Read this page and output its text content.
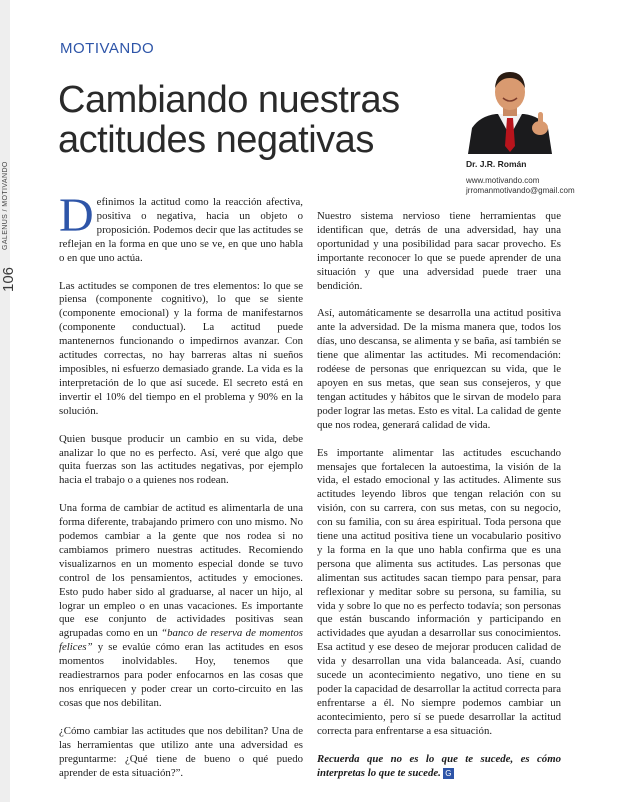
GALENUS / MOTIVANDO
106
MOTIVANDO
Cambiando nuestras actitudes negativas
Dr. J.R. Román
www.motivando.com
jrromanmotivando@gmail.com

Definimos la actitud como la reacción afectiva, positiva o negativa, hacia un objeto o proposición. Podemos decir que las actitudes se reflejan en la forma en que uno se ve, en que uno habla o en que uno actúa.

Las actitudes se componen de tres elementos: lo que se piensa (componente cognitivo), lo que se siente (componente emocional) y la forma de manifestarnos (componente conductual). La actitud puede mantenernos funcionando o impedirnos avanzar. Con actitudes correctas, no hay barreras altas ni sueños imposibles, ni esfuerzo demasiado grande. La vida es la interpretación de lo que así sucede. El secreto está en invertir el 10% del tiempo en el problema y 90% en la solución.

Quien busque producir un cambio en su vida, debe analizar lo que no es perfecto. Así, veré que algo que quita fuerzas son las actitudes negativas, por ejemplo hacia el trabajo o a quienes nos rodean.

Una forma de cambiar de actitud es alimentarla de una forma diferente, trabajando primero con uno mismo. No podemos cambiar a la gente que nos rodea si no cambiamos primero nuestras actitudes. Recomiendo visualizarnos en un momento especial donde se tuvo control de los pensamientos, actitudes y emociones. Esto pudo haber sido al graduarse, al nacer un hijo, al lograr un empleo o en unas vacaciones. Es importante que ese conjunto de actividades positivas sean agrupadas como en un “banco de reserva de momentos felices” y se evalúe cómo eran las actitudes en esos momentos inolvidables. Hoy, tenemos que readiestrarnos para poder enfocarnos en las cosas que nos enriquecen y poder crear un corto-circuito en las cosas que nos debilitan.

¿Cómo cambiar las actitudes que nos debilitan? Una de las herramientas que utilizo ante una adversidad es preguntarme: ¿Qué tiene de bueno o qué puedo aprender de esta situación?”.

Nuestro sistema nervioso tiene herramientas que identifican que, detrás de una adversidad, hay una oportunidad y una posibilidad para sacar provecho. Es importante reconocer lo que se puede aprender de una situación y que una adversidad puede traer una bendición.

Así, automáticamente se desarrolla una actitud positiva ante la adversidad. De la misma manera que, todos los días, uno descansa, se alimenta y se baña, así también se tiene que alimentar las actitudes. Mi recomendación: rodéese de personas que enriquezcan su vida, que le apoyen en sus metas, que sean sus consejeros, y que tengan actitudes y hábitos que le sirvan de modelo para poder lograr las metas. Esto es vital. La calidad de gente que nos rodea, generará calidad de vida.

Es importante alimentar las actitudes escuchando mensajes que fortalecen la autoestima, la visión de la vida, el estado emocional y las actitudes. Alimente sus actitudes leyendo libros que tengan relación con su visión, con su carrera, con sus metas, con su negocio, con su familia, con su área espiritual. Toda persona que tiene una actitud positiva tiene un vocabulario positivo y la forma en la que uno habla confirma que es una persona que alimenta sus actitudes. Las personas que alimentan sus actitudes sacan tiempo para pensar, para reflexionar y meditar sobre su persona, su familia, su vida y sobre lo que no es perfecto todavía; son personas que están buscando información y participando en actividades que ayudan a desarrollar sus conocimientos. Esa actitud y ese deseo de mejorar producen calidad de vida y desarrollan una vida balanceada. Así, cuando sucede un acontecimiento negativo, uno tiene en su poder la capacidad de desarrollar la actitud correcta para enfrentarse a él. No siempre podemos cambiar un acontecimiento, pero sí se puede desarrollar la actitud correcta para enfrentarse a esa situación.

Recuerda que no es lo que te sucede, es cómo interpretas lo que te sucede. G
